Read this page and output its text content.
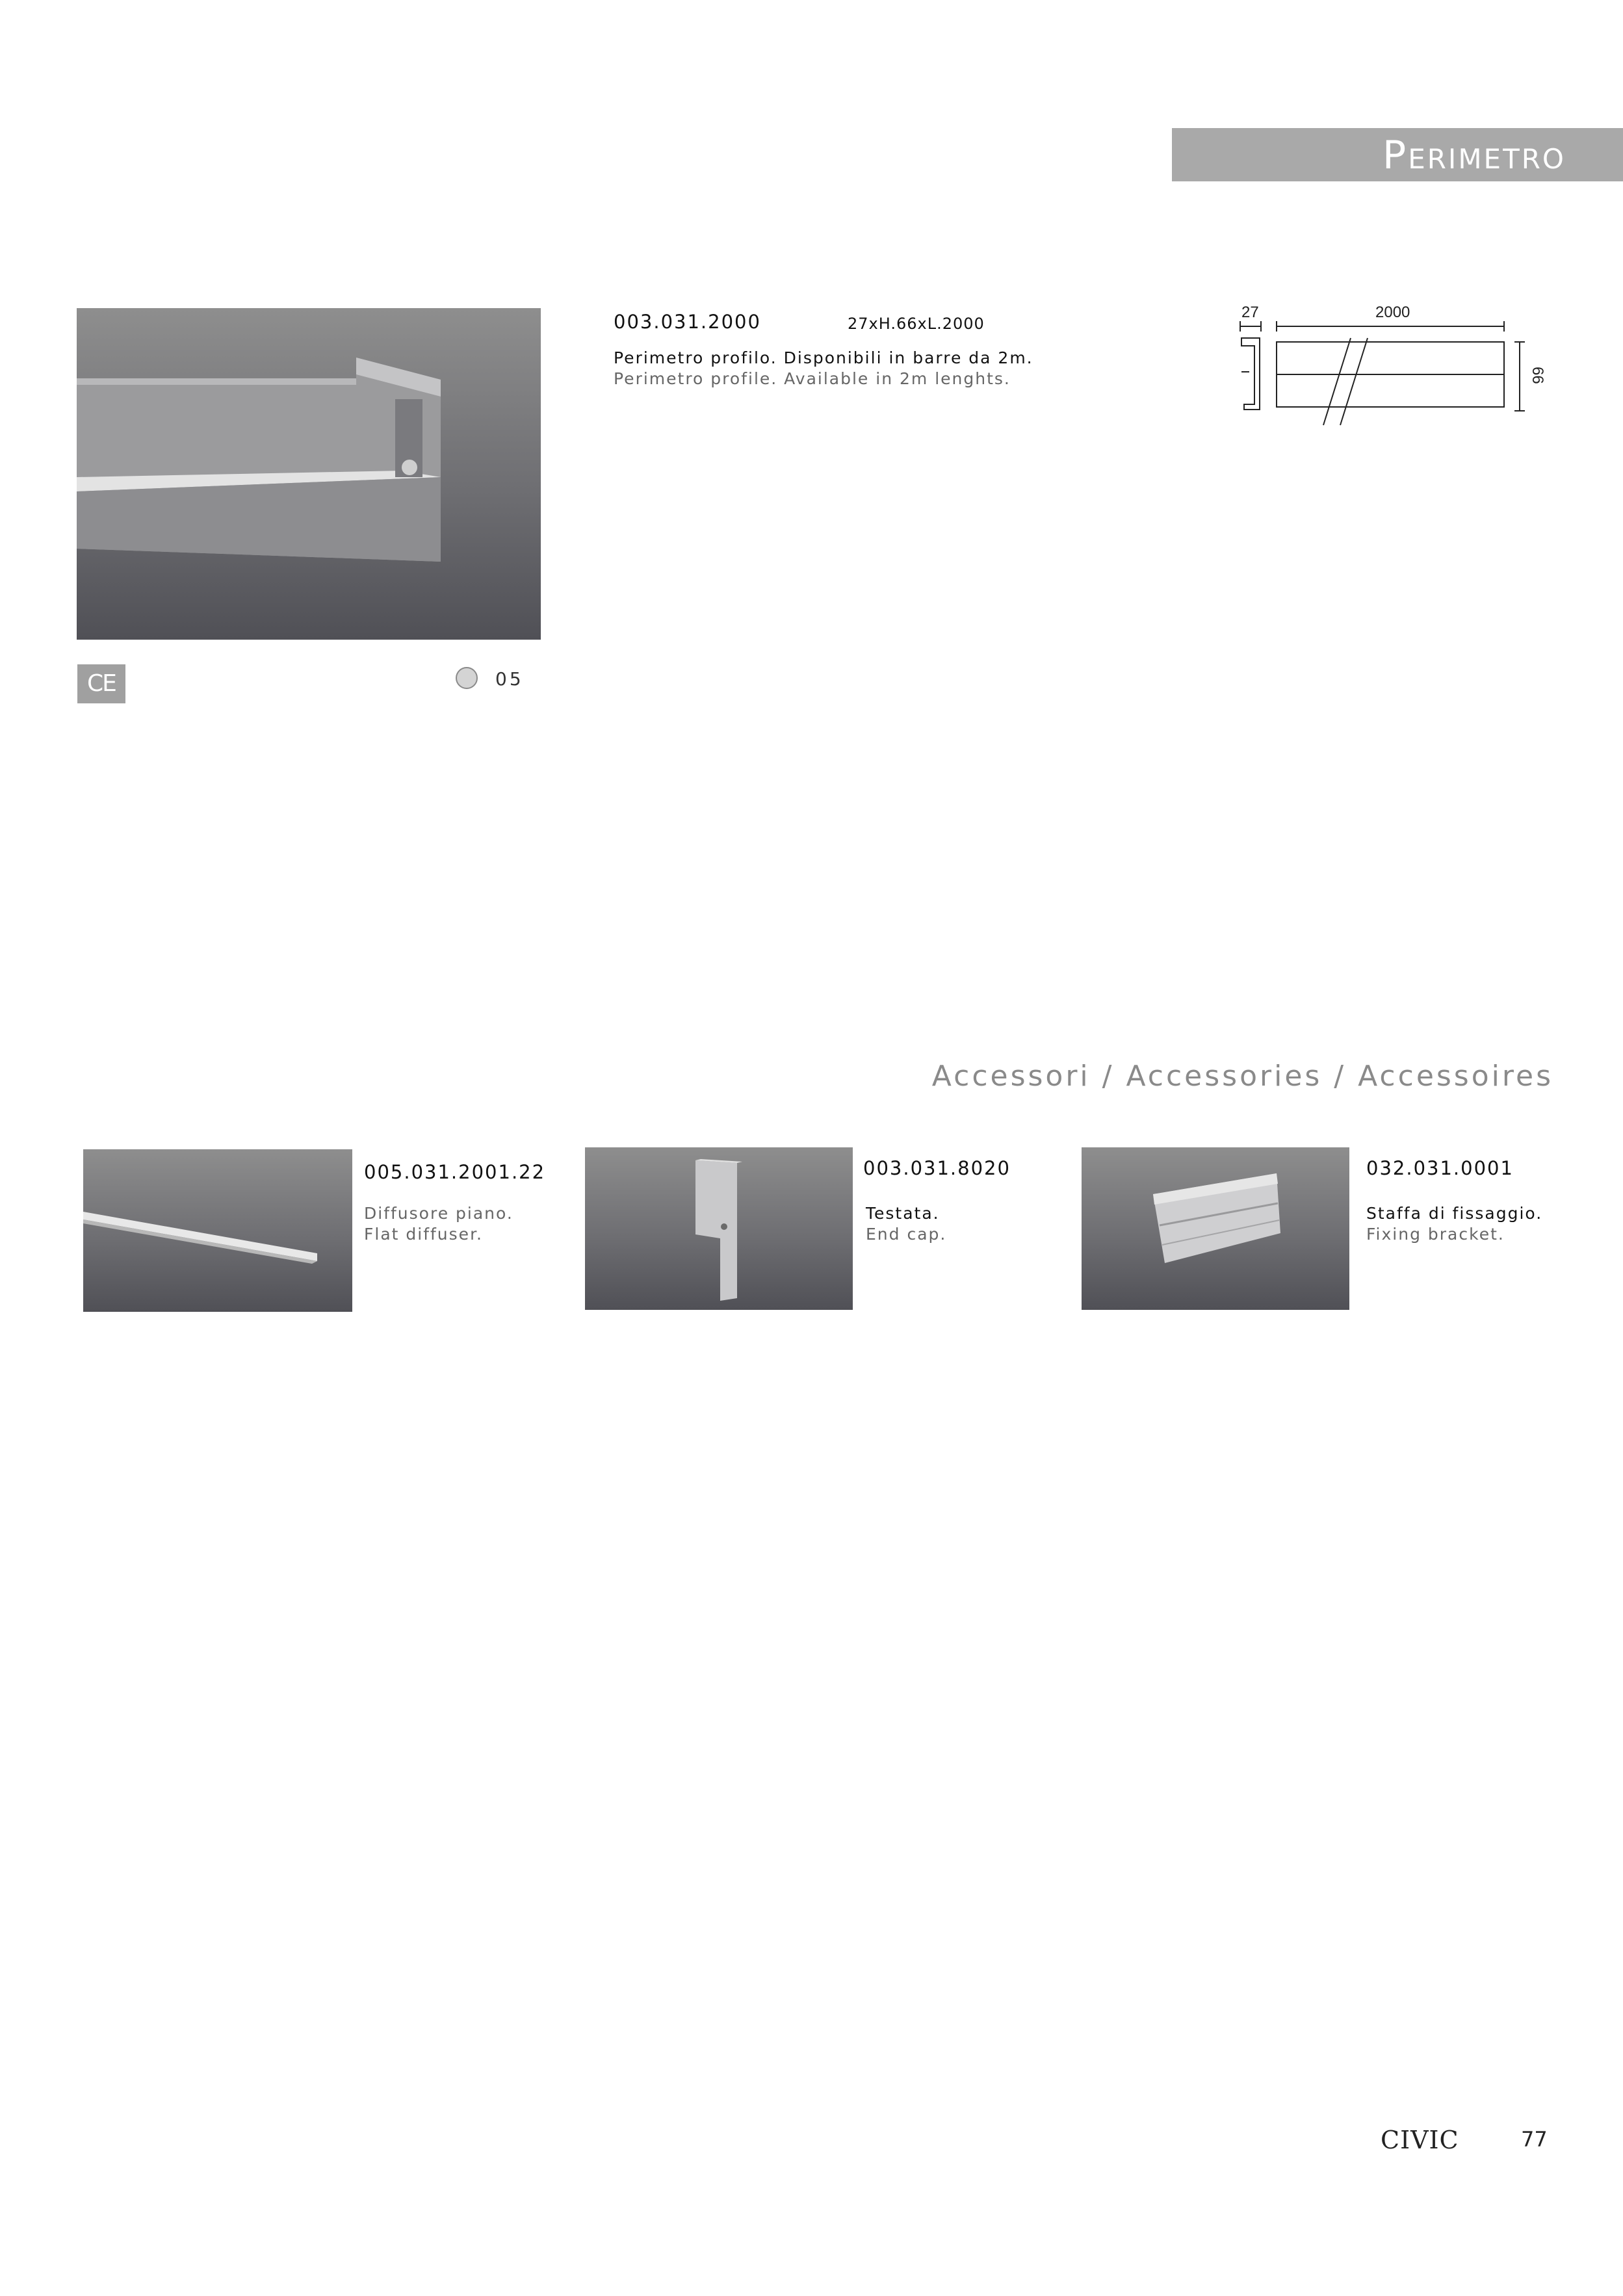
Perimetro
003.031.2000	27xH.66xL.2000
Perimetro profilo. Disponibili in barre da 2m.
Perimetro profile. Available in 2m lenghts.
27	2000
66
CE	05
Accessori / Accessories / Accessoires
005.031.2001.22
Diffusore piano.
Flat diffuser.
003.031.8020
Testata.
End cap.
032.031.0001
Staffa di fissaggio.
Fixing bracket.
CIVIC	77
